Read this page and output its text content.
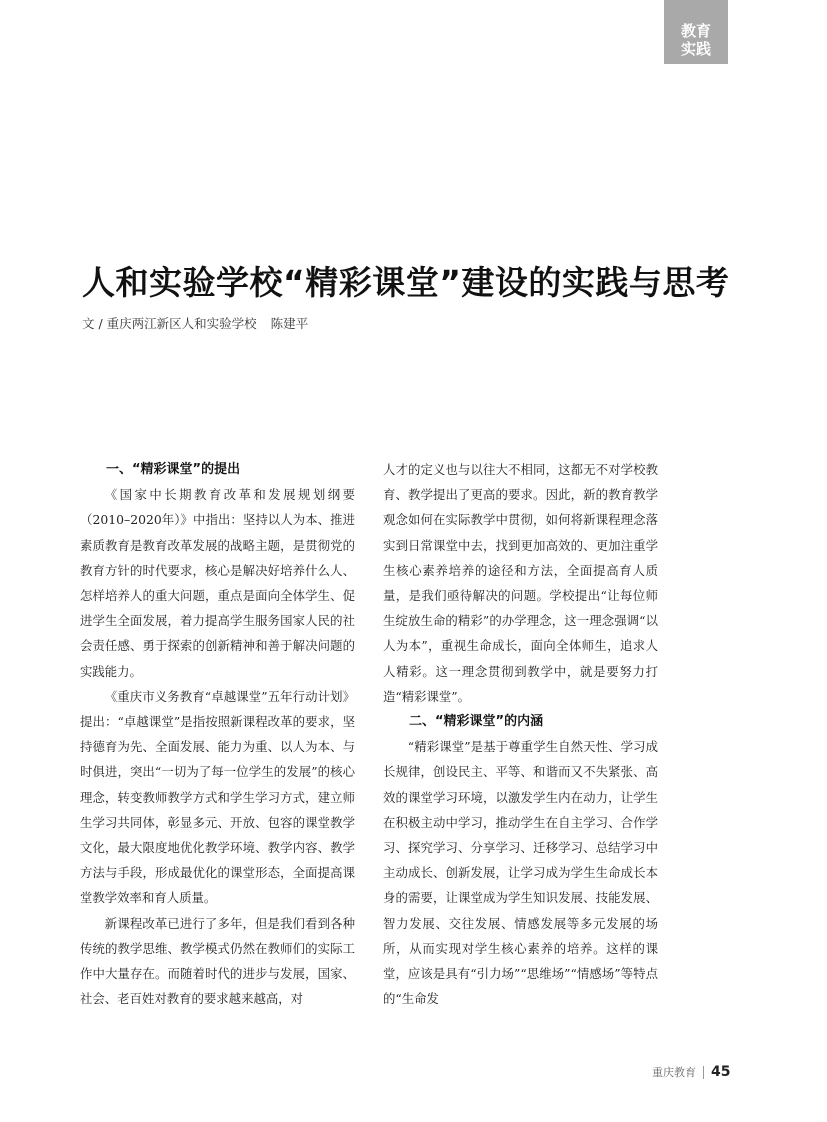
教育
实践
人和实验学校“精彩课堂”建设的实践与思考
文 / 重庆两江新区人和实验学校 陈建平
一、“精彩课堂”的提出

《国家中长期教育改革和发展规划纲要（2010–2020年）》中指出：坚持以人为本、推进素质教育是教育改革发展的战略主题，是贯彻党的教育方针的时代要求，核心是解决好培养什么人、怎样培养人的重大问题，重点是面向全体学生、促进学生全面发展，着力提高学生服务国家人民的社会责任感、勇于探索的创新精神和善于解决问题的实践能力。

《重庆市义务教育“卓越课堂”五年行动计划》提出：“卓越课堂”是指按照新课程改革的要求，坚持德育为先、全面发展、能力为重、以人为本、与时俱进，突出“一切为了每一位学生的发展”的核心理念，转变教师教学方式和学生学习方式，建立师生学习共同体，彰显多元、开放、包容的课堂教学文化，最大限度地优化教学环境、教学内容、教学方法与手段，形成最优化的课堂形态，全面提高课堂教学效率和育人质量。

新课程改革已进行了多年，但是我们看到各种传统的教学思维、教学模式仍然在教师们的实际工作中大量存在。而随着时代的进步与发展，国家、社会、老百姓对教育的要求越来越高，对

人才的定义也与以往大不相同，这都无不对学校教育、教学提出了更高的要求。因此，新的教育教学观念如何在实际教学中贯彻，如何将新课程理念落实到日常课堂中去，找到更加高效的、更加注重学生核心素养培养的途径和方法，全面提高育人质量，是我们亟待解决的问题。学校提出“让每位师生绽放生命的精彩”的办学理念，这一理念强调“以人为本”，重视生命成长，面向全体师生，追求人人精彩。这一理念贯彻到教学中，就是要努力打造“精彩课堂”。

二、“精彩课堂”的内涵

“精彩课堂”是基于尊重学生自然天性、学习成长规律，创设民主、平等、和谐而又不失紧张、高效的课堂学习环境，以激发学生内在动力，让学生在积极主动中学习，推动学生在自主学习、合作学习、探究学习、分享学习、迁移学习、总结学习中主动成长、创新发展，让学习成为学生生命成长本身的需要，让课堂成为学生知识发展、技能发展、智力发展、交往发展、情感发展等多元发展的场所，从而实现对学生核心素养的培养。这样的课堂，应该是具有“引力场”“思维场”“情感场”等特点的“生命发

重庆教育 45
